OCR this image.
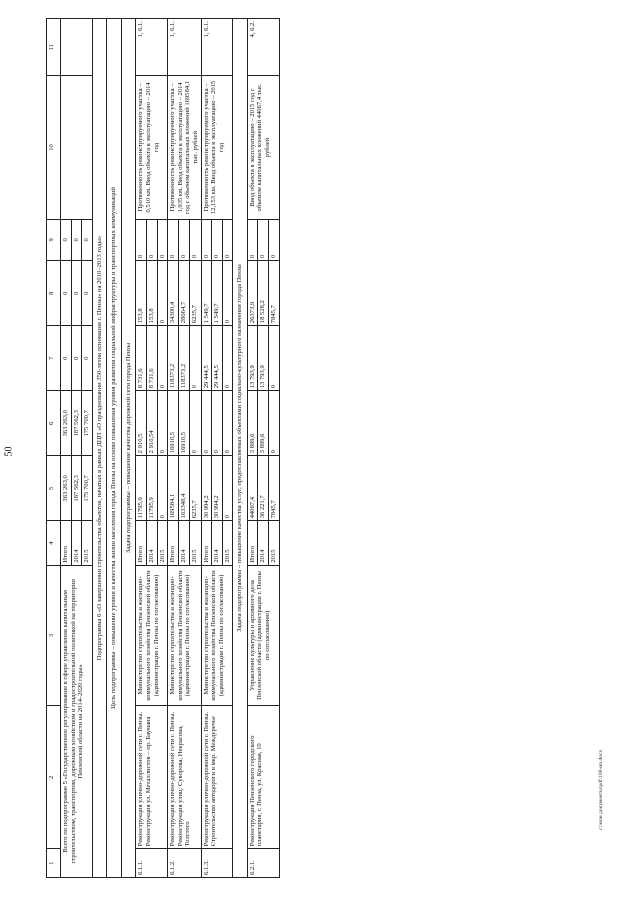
50
1	2	3	4	5	6	7	8	9	10	11
Всего по подпрограмме 5 «Государственное регулирование в сфере управления капитальным строительством, транспортом, дорожным хозяйством и градостроительной политикой на территории Пензенской области на 2014–2020 годы»			Итого	363 263,0	363 263,0	0	0	0		
			2014	187 562,3	187 562,3	0	0	0		
			2015	175 700,7	175 700,7	0	0	0		
Подпрограмма 6 «О завершении строительства объектов, начатых в рамках ДЦП «О праздновании 350-летия основания г. Пензы» на 2010–2013 годы»										
Цель подпрограммы – повышение уровня и качества жизни населения города Пензы на основе повышения уровня развития социальной инфраструктуры и транспортных коммуникаций										
Задача подпрограммы – повышение качества дорожной сети города Пензы										
6.1.1.	Реконструкция улично-дорожной сети г. Пензы. Реконструкция ул. Металлистов – пр. Баумана	Министерство строительства и жилищно-коммунального хозяйства Пензенской области (администрация г. Пензы по согласованию)	Итого	11795,9	2 910,5	8 731,6	153,8	0	Протяженность реконструируемого участка – 0,510 км. Ввод объекта в эксплуатацию – 2014 год	1, 6.1.
			2014	11795,9	2 910,54	8 731,6	153,8	0		
			2015	0	0	0	0	0		
6.1.2.	Реконструкция улично-дорожной сети г. Пензы. Реконструкция улиц: Суворова, Некрасова, Толстого	Министерство строительства и жилищно-коммунального хозяйства Пензенской области (администрация г. Пензы по согласованию)	Итого	169584,1	16910,5	118373,2	34300,4	0	Протяженность реконструируемого участка – 1,935 км. Ввод объекта в эксплуатацию – 2014 год с объемом капитальных вложений 169584,1 тыс. рублей	1, 6.1.
			2014	163348,4	16910,5	118373,2	28064,7	0		
			2015	6235,7	0	0	6235,7	0		
6.1.3.	Реконструкция улично-дорожной сети г. Пензы. Строительство автодороги в мкр. Междуречье	Министерство строительства и жилищно-коммунального хозяйства Пензенской области (администрация г. Пензы по согласованию)	Итого	30 994,2	0	29 444,5	1 549,7	0	Протяженность реконструируемого участка – 12,153 км. Ввод объекта в эксплуатацию – 2015 год	1, 6.1.
			2014	30 994,2	0	29 444,5	1 549,7	0		
			2015	0	0	0	0	0		
Задача подпрограммы – повышение качества услуг, предоставляемых объектами социально-культурного назначения города Пензы										
6.2.1.	Реконструкция Пензенского городского планетария, г. Пенза, ул. Красная, 10	Управление культуры и архивного дела Пензенской области (администрация г. Пензы по согласованию)	Итого	44067,4	3 899,6	13 793,9	26373,9	0	Ввод объекта в эксплуатацию – 2015 год с объемом капитальных вложений 44067,4 тыс. рублей	4, 6.2.
			2014	36 221,7	3 899,6	13 793,9	18 528,2	0		
			2015	7845,7	0	0	7845,7	0		
c:\мои документы\pdf\100-ип.docx
